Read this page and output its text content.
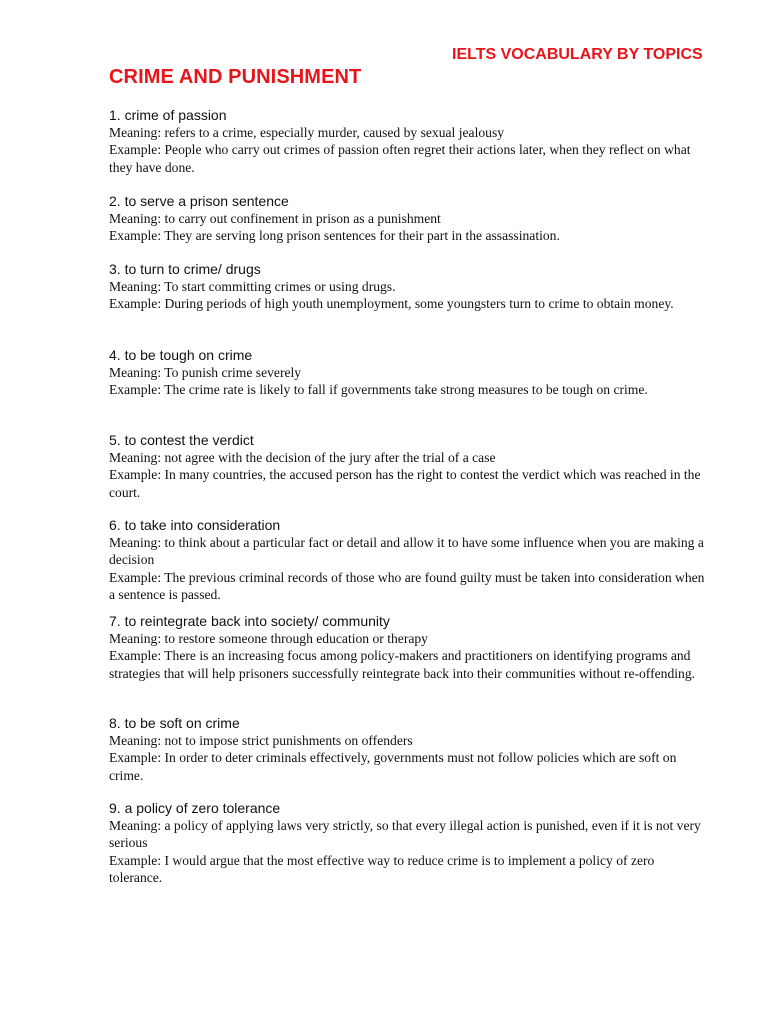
IELTS VOCABULARY BY TOPICS
CRIME AND PUNISHMENT
1. crime of passion
Meaning: refers to a crime, especially murder, caused by sexual jealousy
Example: People who carry out crimes of passion often regret their actions later, when they reflect on what they have done.
2. to serve a prison sentence
Meaning: to carry out confinement in prison as a punishment
Example: They are serving long prison sentences for their part in the assassination.
3. to turn to crime/ drugs
Meaning: To start committing crimes or using drugs.
Example: During periods of high youth unemployment, some youngsters turn to crime to obtain money.
4. to be tough on crime
Meaning: To punish crime severely
Example: The crime rate is likely to fall if governments take strong measures to be tough on crime.
5. to contest the verdict
Meaning: not agree with the decision of the jury after the trial of a case
Example: In many countries, the accused person has the right to contest the verdict which was reached in the court.
6. to take into consideration
Meaning: to think about a particular fact or detail and allow it to have some influence when you are making a decision
Example: The previous criminal records of those who are found guilty must be taken into consideration when a sentence is passed.
7. to reintegrate back into society/ community
Meaning: to restore someone through education or therapy
Example: There is an increasing focus among policy-makers and practitioners on identifying programs and strategies that will help prisoners successfully reintegrate back into their communities without re-offending.
8. to be soft on crime
Meaning: not to impose strict punishments on offenders
Example: In order to deter criminals effectively, governments must not follow policies which are soft on crime.
9. a policy of zero tolerance
Meaning: a policy of applying laws very strictly, so that every illegal action is punished, even if it is not very serious
Example: I would argue that the most effective way to reduce crime is to implement a policy of zero tolerance.
